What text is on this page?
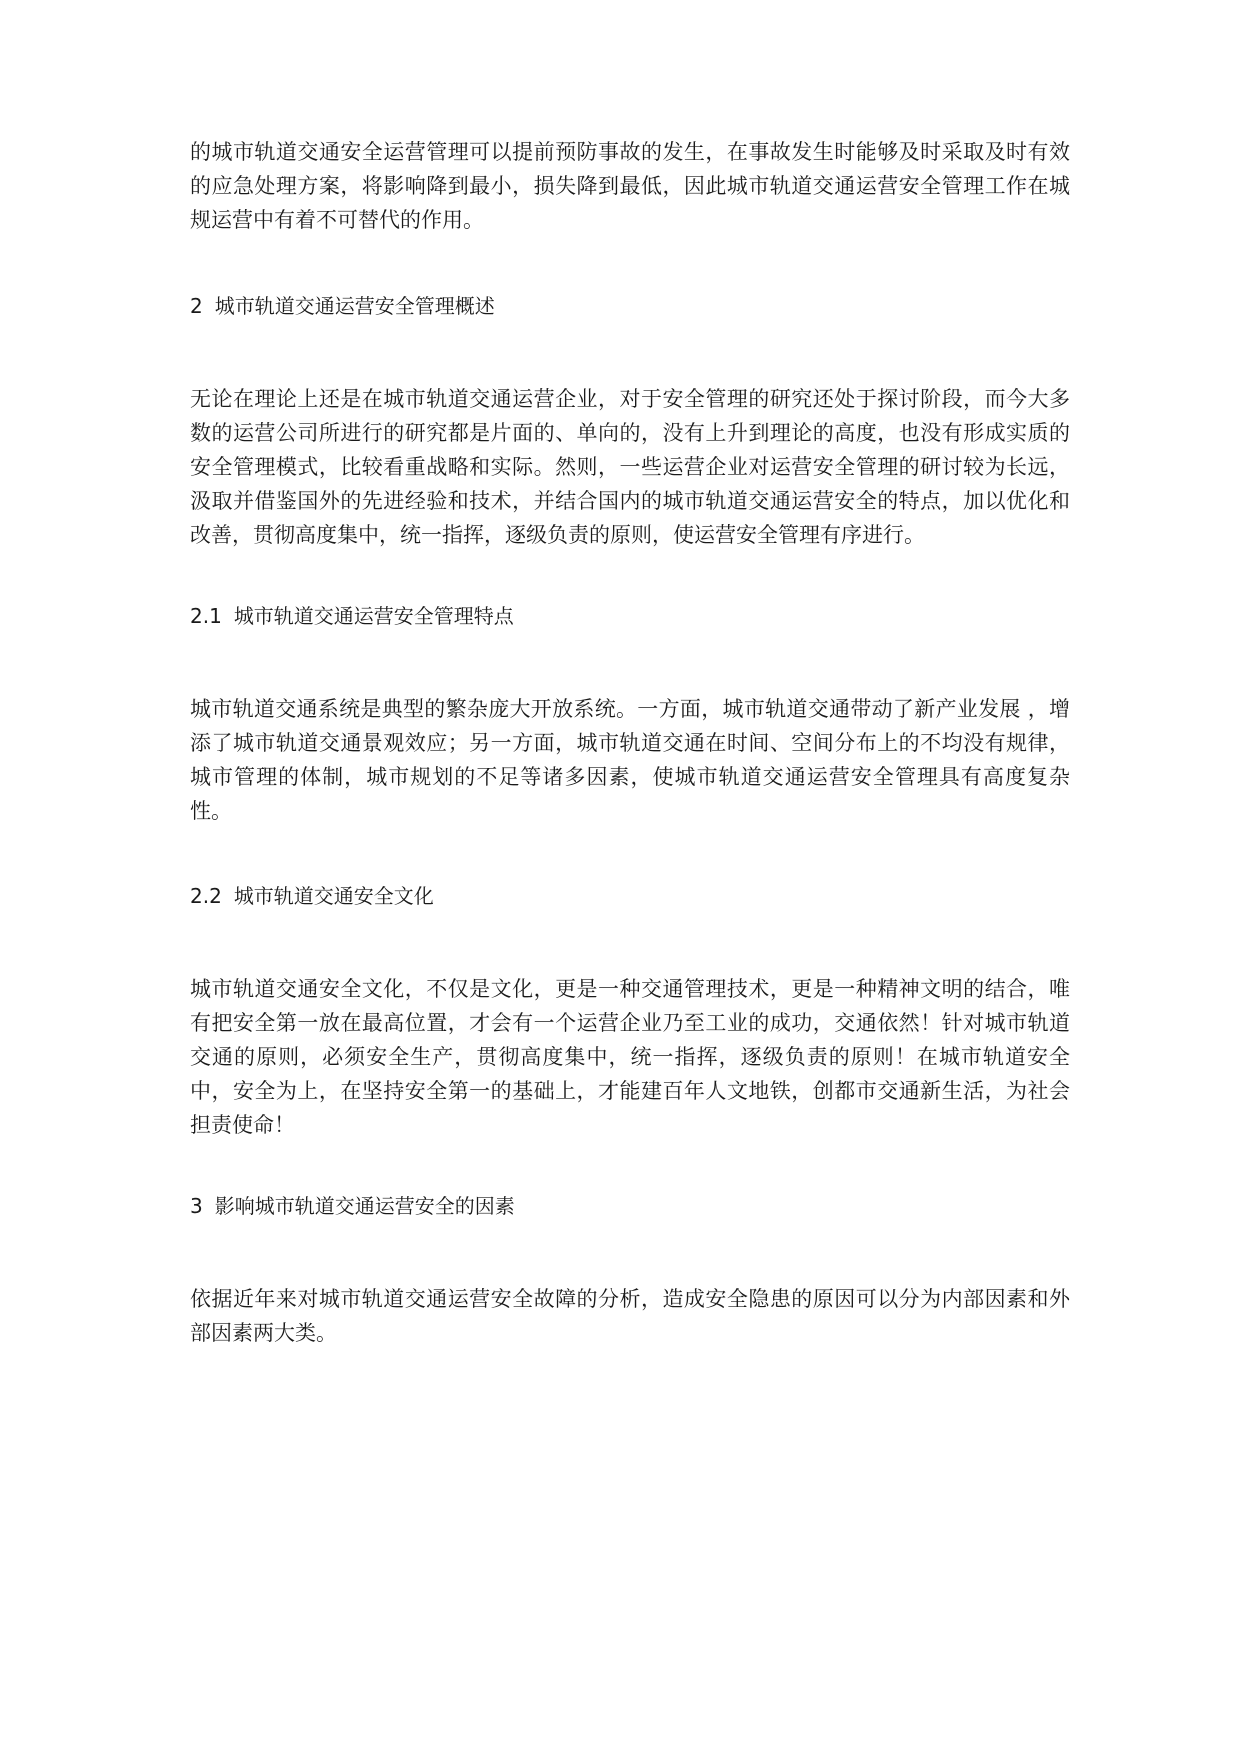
的城市轨道交通安全运营管理可以提前预防事故的发生，在事故发生时能够及时采取及时有效的应急处理方案，将影响降到最小，损失降到最低，因此城市轨道交通运营安全管理工作在城规运营中有着不可替代的作用。

2 城市轨道交通运营安全管理概述

无论在理论上还是在城市轨道交通运营企业，对于安全管理的研究还处于探讨阶段，而今大多数的运营公司所进行的研究都是片面的、单向的，没有上升到理论的高度，也没有形成实质的安全管理模式，比较看重战略和实际。然则，一些运营企业对运营安全管理的研讨较为长远，汲取并借鉴国外的先进经验和技术，并结合国内的城市轨道交通运营安全的特点，加以优化和改善，贯彻高度集中，统一指挥，逐级负责的原则，使运营安全管理有序进行。

2.1 城市轨道交通运营安全管理特点

城市轨道交通系统是典型的繁杂庞大开放系统。一方面，城市轨道交通带动了新产业发展 ，增添了城市轨道交通景观效应；另一方面，城市轨道交通在时间、空间分布上的不均没有规律，城市管理的体制，城市规划的不足等诸多因素，使城市轨道交通运营安全管理具有高度复杂性。

2.2 城市轨道交通安全文化

城市轨道交通安全文化，不仅是文化，更是一种交通管理技术，更是一种精神文明的结合，唯有把安全第一放在最高位置，才会有一个运营企业乃至工业的成功，交通依然！针对城市轨道交通的原则，必须安全生产，贯彻高度集中，统一指挥，逐级负责的原则！在城市轨道安全中，安全为上，在坚持安全第一的基础上，才能建百年人文地铁，创都市交通新生活，为社会担责使命！

3 影响城市轨道交通运营安全的因素

依据近年来对城市轨道交通运营安全故障的分析，造成安全隐患的原因可以分为内部因素和外部因素两大类。
